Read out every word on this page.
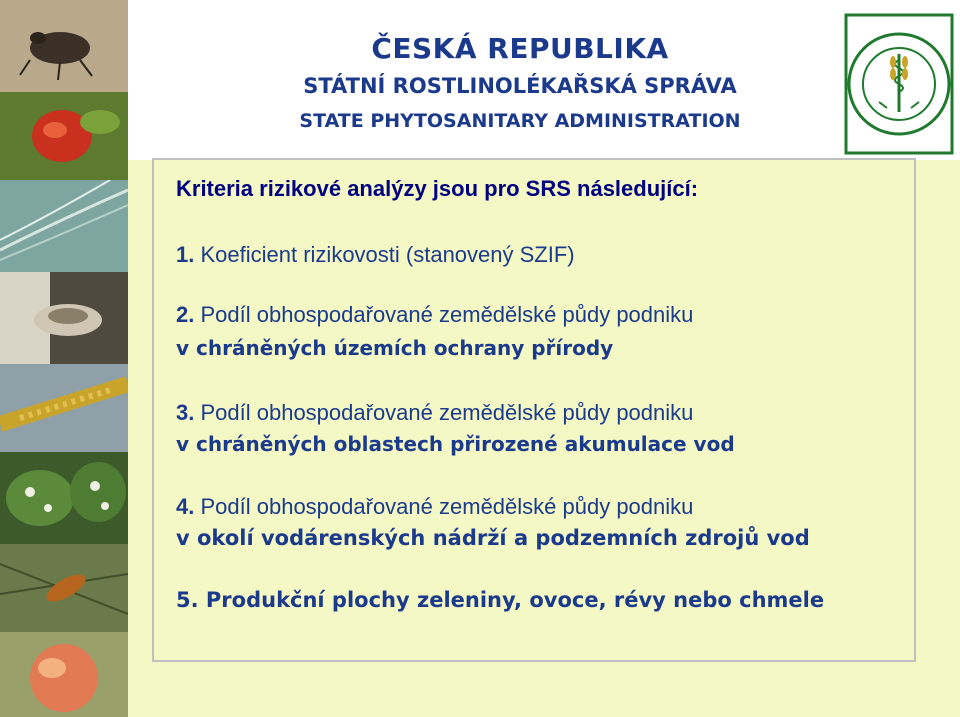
ČESKÁ REPUBLIKA
STÁTNÍ ROSTLINOLÉKAŘSKÁ SPRÁVA
STATE PHYTOSANITARY ADMINISTRATION
Kriteria rizikové analýzy jsou pro SRS následující:
1. Koeficient rizikovosti (stanovený SZIF)
2. Podíl obhospodařované zemědělské půdy podniku
v chráněných územích ochrany přírody
3. Podíl obhospodařované zemědělské půdy podniku
v chráněných oblastech přirozené akumulace vod
4. Podíl obhospodařované zemědělské půdy podniku
v okolí vodárenských nádrží a podzemních zdrojů vod
5. Produkční plochy zeleniny, ovoce, révy nebo chmele
